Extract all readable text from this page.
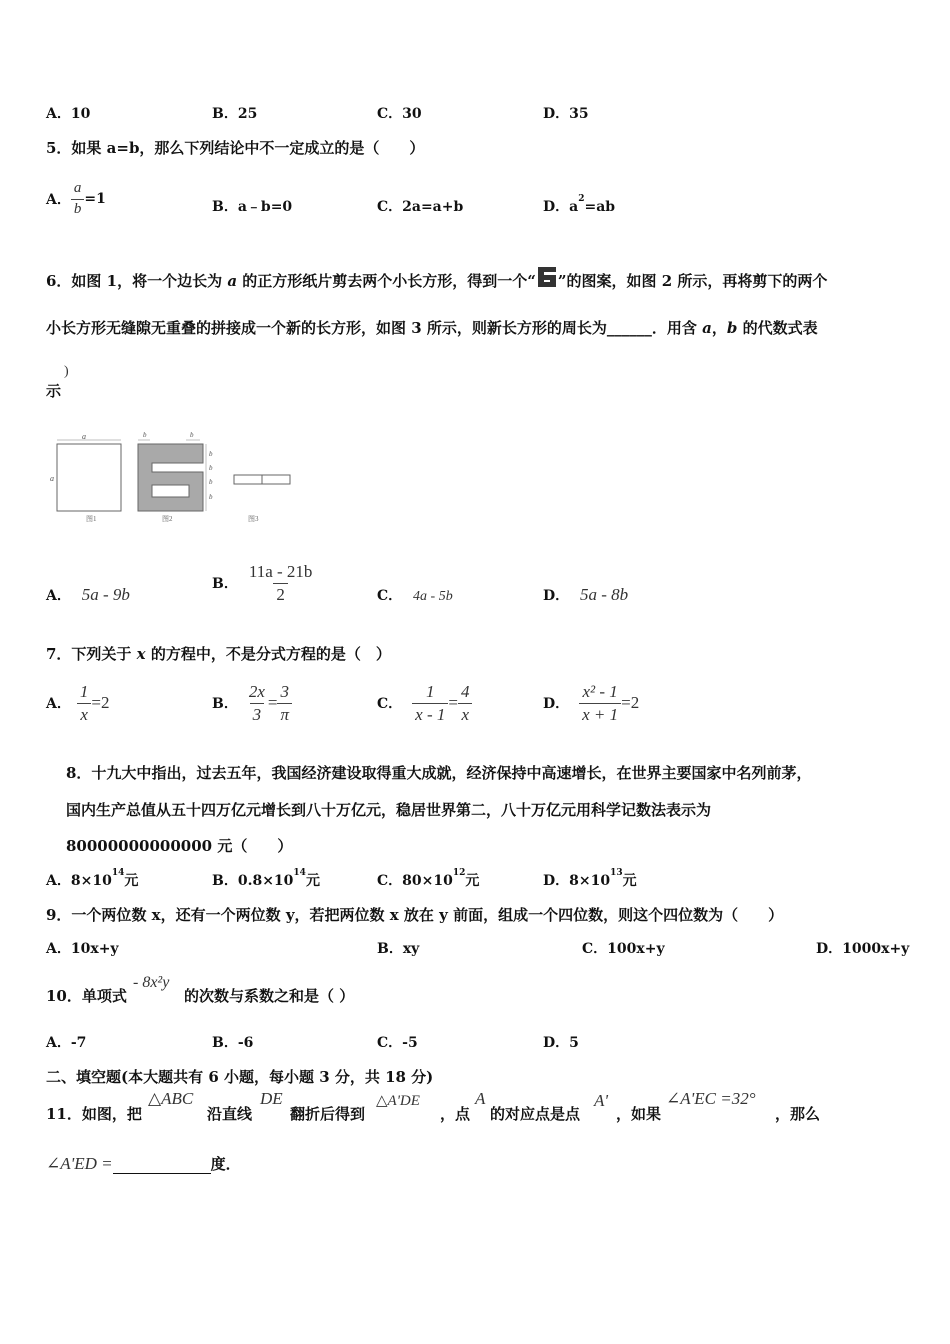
A．10	B．25	C．30	D．35
5．如果 a=b，那么下列结论中不一定成立的是（　　）
A． $\frac{a}{b} =1$	B．a﹣b=0	C．2a=a+b	D．$a^2=ab$
6．如图 1，将一个边长为 a 的正方形纸片剪去两个小长方形，得到一个“ ”的图案，如图 2 所示，再将剪下的两个
小长方形无缝隙无重叠的拼接成一个新的长方形，如图 3 所示，则新长方形的周长为______．用含 a，b 的代数式表
示
)
a
a
图1
b	b
b
b
b
b
图2	图3
A． 5a - 9b
B． $\frac{11a - 21b}{2}$	C． 4a - 5b	D． 5a - 8b
7．下列关于 x 的方程中，不是分式方程的是（　）
A． $\frac{1}{x} =2$	B． $\frac{2x}{3} = \frac{3}{\pi}$	C． $\frac{1}{x - 1} = \frac{4}{x}$	D． $\frac{\text{x² - 1}}{x + 1} =2$
8．十九大中指出，过去五年，我国经济建设取得重大成就，经济保持中高速增长，在世界主要国家中名列前茅，
国内生产总值从五十四万亿元增长到八十万亿元，稳居世界第二，八十万亿元用科学记数法表示为
80000000000000 元（　　）
A．$8\times 10^{14}$元	B．$0.8\times 10^{14}$元	C．$80\times 10^{12}$元	D．$8\times 10^{13}$元
9．一个两位数 x，还有一个两位数 y，若把两位数 x 放在 y 前面，组成一个四位数，则这个四位数为（　　）
A．10x+y	B．xy	C．100x+y	D．1000x+y
10．单项式
- 8x²y
的次数与系数之和是（ ）
A．-7	B．-6	C．-5	D．5
二、填空题(本大题共有 6 小题，每小题 3 分，共 18 分)
11．如图，把
△ABC
沿直线
DE
翻折后得到
△A'DE
，点
A
的对应点是点
A'
，如果
∠A'EC =32°
，那么
∠A'ED =	度．
